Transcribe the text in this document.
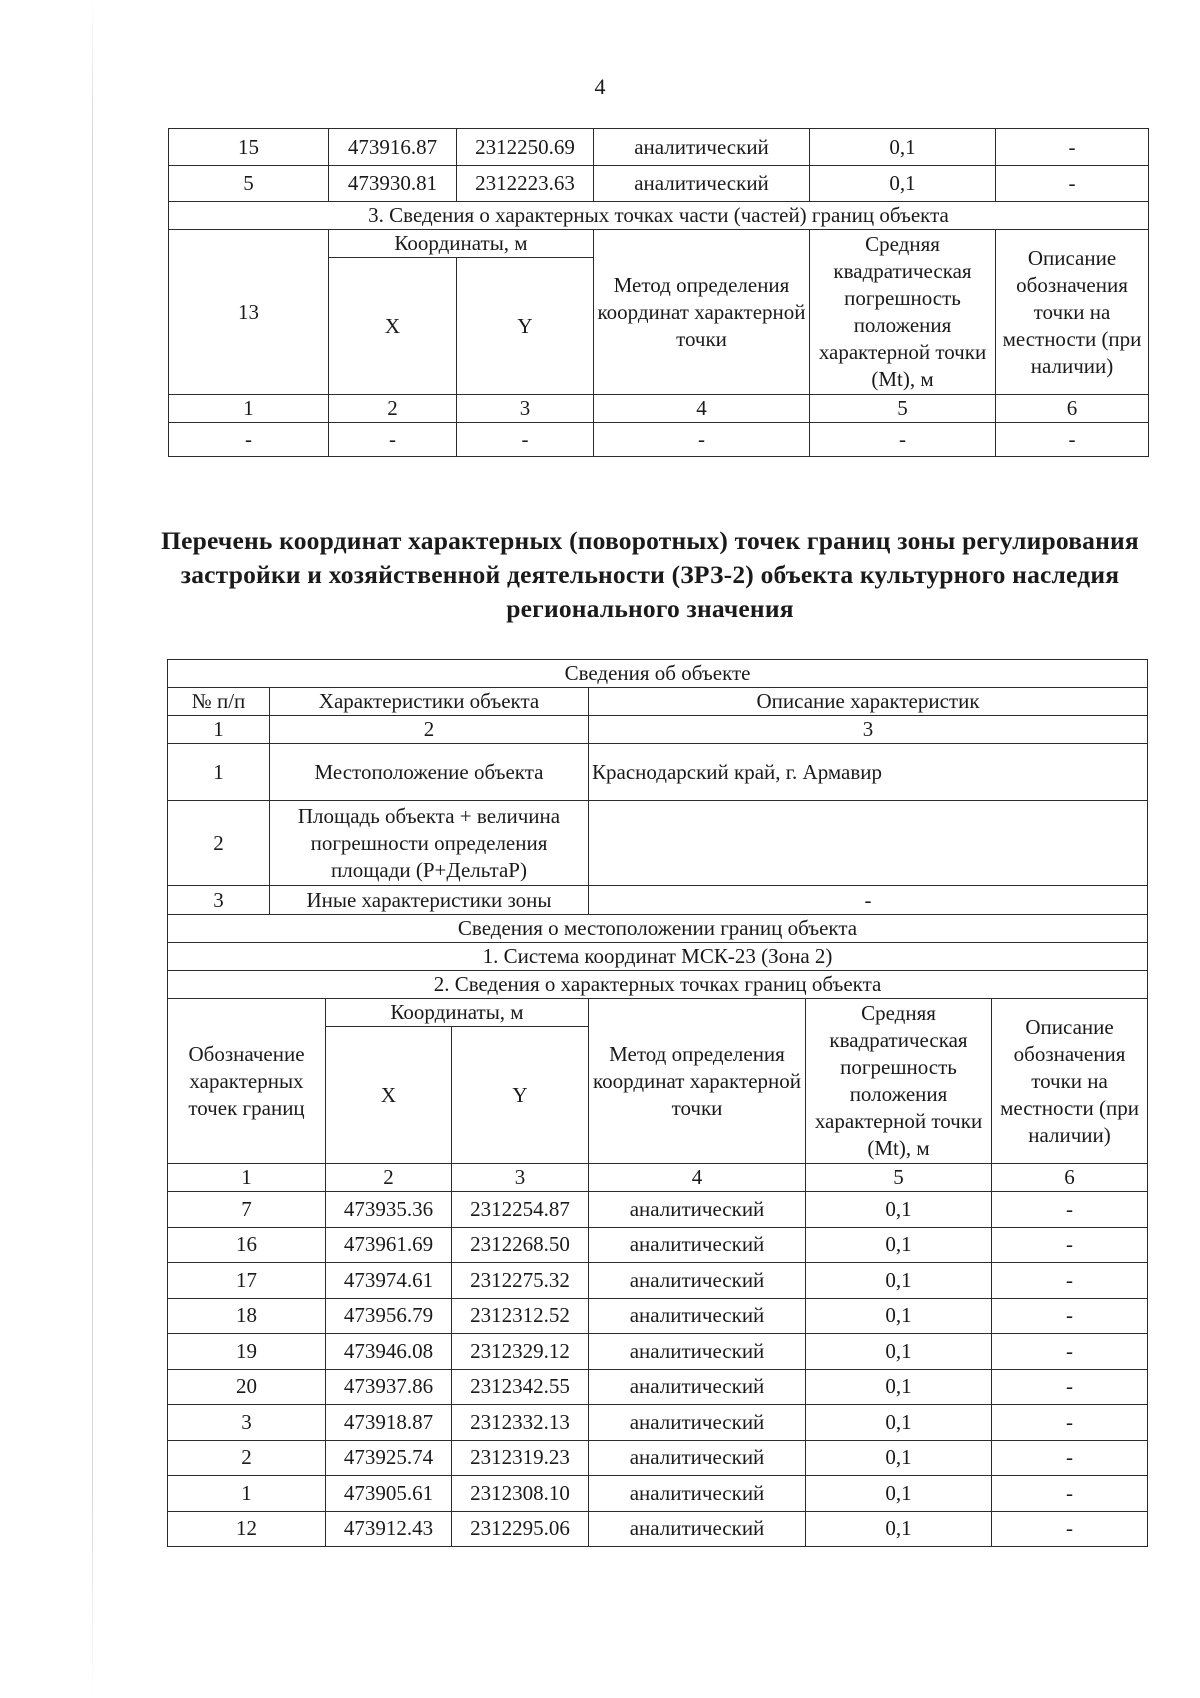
4
15	473916.87	2312250.69	аналитический	0,1	-
5	473930.81	2312223.63	аналитический	0,1	-
3. Сведения о характерных точках части (частей) границ объекта					
13	Координаты, м		Метод определения координат характерной точки	Средняя квадратическая погрешность положения характерной точки (Mt), м	Описание обозначения точки на местности (при наличии)
	X	Y			
1	2	3	4	5	6
-	-	-	-	-	-
Перечень координат характерных (поворотных) точек границ зоны регулирования застройки и хозяйственной деятельности (ЗРЗ-2) объекта культурного наследия регионального значения
Сведения об объекте						
№ п/п	Характеристики объекта			Описание характеристик		
1	2			3		
1	Местоположение объекта			Краснодарский край, г. Армавир		
2	Площадь объекта + величина погрешности определения площади (P+ДельтаP)					
3	Иные характеристики зоны			-		
Сведения о местоположении границ объекта						
1. Система координат МСК-23 (Зона 2)						
2. Сведения о характерных точках границ объекта						
Обозначение характерных точек границ		Координаты, м		Метод определения координат характерной точки	Средняя квадратическая погрешность положения характерной точки (Mt), м	Описание обозначения точки на местности (при наличии)
		X	Y			
1		2	3	4	5	6
7		473935.36	2312254.87	аналитический	0,1	-
16		473961.69	2312268.50	аналитический	0,1	-
17		473974.61	2312275.32	аналитический	0,1	-
18		473956.79	2312312.52	аналитический	0,1	-
19		473946.08	2312329.12	аналитический	0,1	-
20		473937.86	2312342.55	аналитический	0,1	-
3		473918.87	2312332.13	аналитический	0,1	-
2		473925.74	2312319.23	аналитический	0,1	-
1		473905.61	2312308.10	аналитический	0,1	-
12		473912.43	2312295.06	аналитический	0,1	-
